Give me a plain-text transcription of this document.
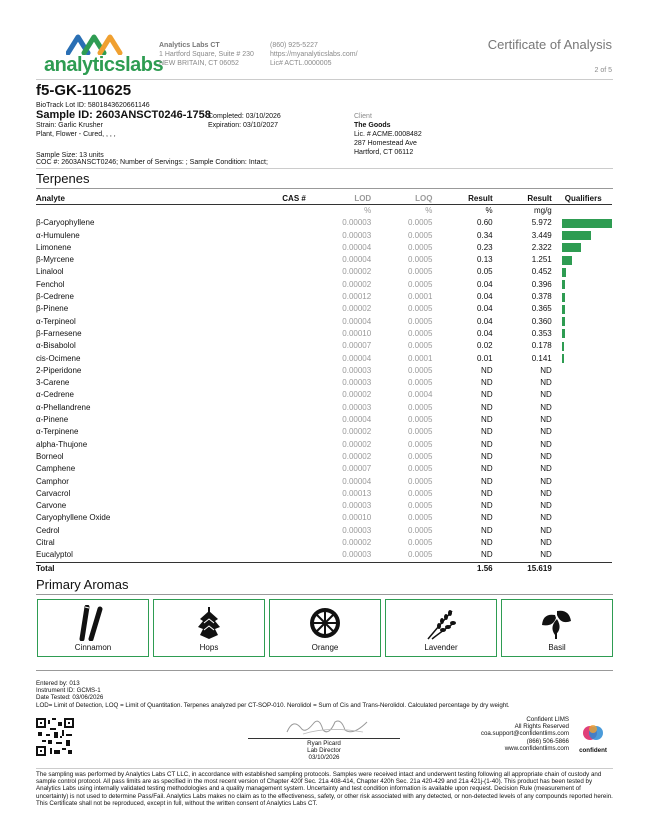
analyticslabs
Analytics Labs CT
1 Hartford Square, Suite # 230
NEW BRITAIN, CT 06052
(860) 925-5227
https://myanalyticslabs.com/
Lic# ACTL.0000005
Certificate of Analysis
2 of 5
f5-GK-110625
BioTrack Lot ID: 5801843620661146
Sample ID: 2603ANSCT0246-1758
Strain: Garlic Krusher
Plant, Flower - Cured, , , ,
Completed: 03/10/2026
Expiration: 03/10/2027
Client
The Goods
Lic. # ACME.0008482
287 Homestead Ave
Hartford, CT 06112
Sample Size: 13 units
COC #: 2603ANSCT0246; Number of Servings: ; Sample Condition: Intact;
Terpenes
Analyte	CAS #	LOD	LOQ	Result	Result	Qualifiers
		%	%	%	mg/g	
β-Caryophyllene		0.00003	0.0005	0.60	5.972	
α-Humulene		0.00003	0.0005	0.34	3.449	
Limonene		0.00004	0.0005	0.23	2.322	
β-Myrcene		0.00004	0.0005	0.13	1.251	
Linalool		0.00002	0.0005	0.05	0.452	
Fenchol		0.00002	0.0005	0.04	0.396	
β-Cedrene		0.00012	0.0001	0.04	0.378	
β-Pinene		0.00002	0.0005	0.04	0.365	
α-Terpineol		0.00004	0.0005	0.04	0.360	
β-Farnesene		0.00010	0.0005	0.04	0.353	
α-Bisabolol		0.00007	0.0005	0.02	0.178	
cis-Ocimene		0.00004	0.0001	0.01	0.141	
2-Piperidone		0.00003	0.0005	ND	ND	
3-Carene		0.00003	0.0005	ND	ND	
α-Cedrene		0.00002	0.0004	ND	ND	
α-Phellandrene		0.00003	0.0005	ND	ND	
α-Pinene		0.00004	0.0005	ND	ND	
α-Terpinene		0.00002	0.0005	ND	ND	
alpha-Thujone		0.00002	0.0005	ND	ND	
Borneol		0.00002	0.0005	ND	ND	
Camphene		0.00007	0.0005	ND	ND	
Camphor		0.00004	0.0005	ND	ND	
Carvacrol		0.00013	0.0005	ND	ND	
Carvone		0.00003	0.0005	ND	ND	
Caryophyllene Oxide		0.00010	0.0005	ND	ND	
Cedrol		0.00003	0.0005	ND	ND	
Citral		0.00002	0.0005	ND	ND	
Eucalyptol		0.00003	0.0005	ND	ND	
Total				1.56	15.619	
Primary Aromas
Cinnamon	Hops	Orange	Lavender	Basil
Entered by: 013
Instrument ID: GCMS-1
Date Tested: 03/06/2026
LOD= Limit of Detection, LOQ = Limit of Quantitation. Terpenes analyzed per CT-SOP-010. Nerolidol = Sum of Cis and Trans-Nerolidol. Calculated percentage by dry weight.
Ryan Picard
Lab Director
03/10/2026
Confident LIMS
All Rights Reserved
coa.support@confidentlims.com
(866) 506-5866
www.confidentlims.com	confident
The sampling was performed by Analytics Labs CT LLC, in accordance with established sampling protocols. Samples were received intact and underwent testing following all appropriate chain of custody and sample control protocol. All pass limits are as specified in the most recent version of Chapter 420f Sec. 21a 408-414, Chapter 420h Sec. 21a 420-429 and 21a 421j-(1-40). This product has been tested by Analytics Labs using internally validated testing methodologies and a quality management system. Uncertainty and test condition information is available upon request. Decision Rule (measurement of uncertainty) is not used to determine Pass/Fail. Analytics Labs makes no claim as to the effectiveness, safety, or other risk associated with any detected, or non-detected levels of any compounds reported herein. This Certificate shall not be reproduced, except in full, without the written consent of Analytics Labs CT.
